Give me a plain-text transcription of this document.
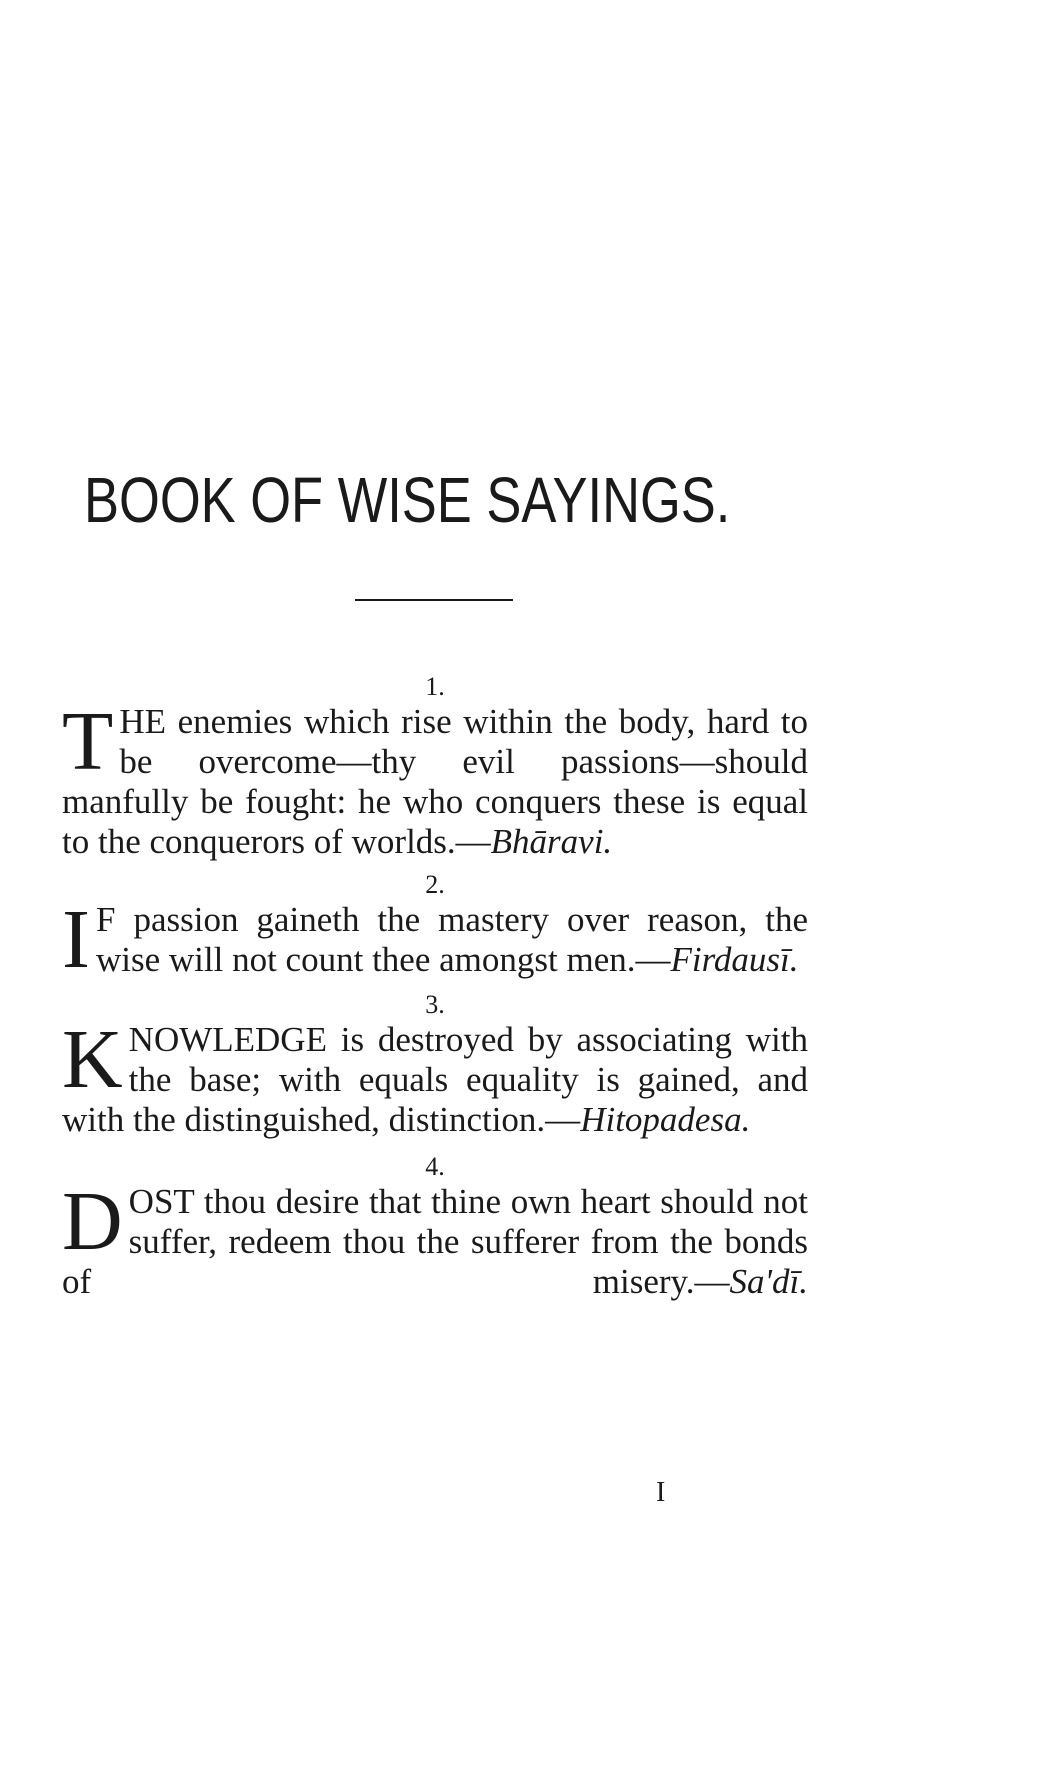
BOOK OF WISE SAYINGS.
1.

THE enemies which rise within the body, hard to be overcome—thy evil passions—should manfully be fought: he who conquers these is equal to the conquerors of worlds.—Bhāravi.

2.

I F passion gaineth the mastery over reason, the wise will not count thee amongst men.—Firdausī.

3.

KNOWLEDGE is destroyed by associating with the base; with equals equality is gained, and with the distinguished, distinction.—Hitopadesa.

4.

DOST thou desire that thine own heart should not suffer, redeem thou the sufferer from the bonds of misery.—Sa'dī.

I
